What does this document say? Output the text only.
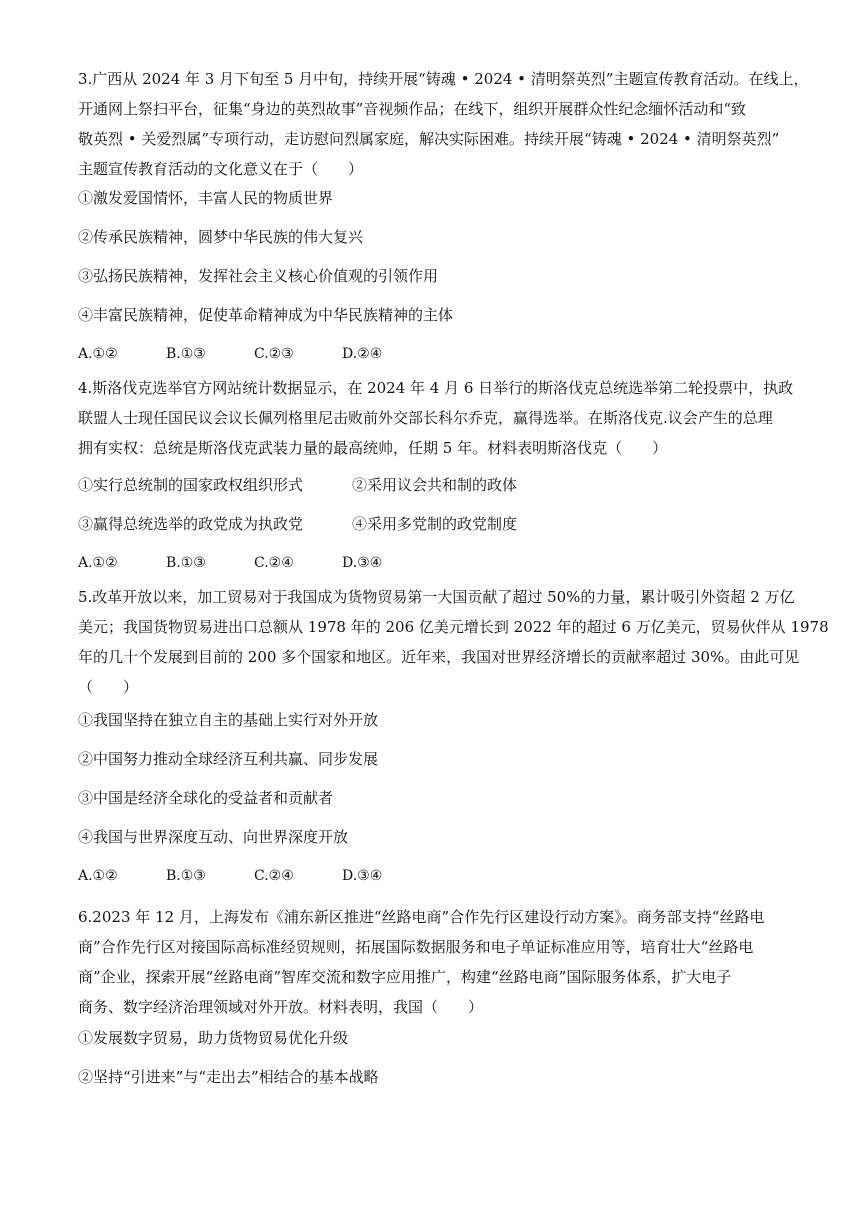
3.广西从 2024 年 3 月下旬至 5 月中旬，持续开展“铸魂 • 2024 • 清明祭英烈”主题宣传教育活动。在线上，
开通网上祭扫平台，征集“身边的英烈故事”音视频作品；在线下，组织开展群众性纪念缅怀活动和“致
敬英烈 • 关爱烈属”专项行动，走访慰问烈属家庭，解决实际困难。持续开展“铸魂 • 2024 • 清明祭英烈”
主题宣传教育活动的文化意义在于（　　）
①激发爱国情怀，丰富人民的物质世界
②传承民族精神，圆梦中华民族的伟大复兴
③弘扬民族精神，发挥社会主义核心价值观的引领作用
④丰富民族精神，促使革命精神成为中华民族精神的主体
A.①②	B.①③	C.②③	D.②④
4.斯洛伐克选举官方网站统计数据显示，在 2024 年 4 月 6 日举行的斯洛伐克总统选举第二轮投票中，执政
联盟人士现任国民议会议长佩列格里尼击败前外交部长科尔乔克，赢得选举。在斯洛伐克.议会产生的总理
拥有实权：总统是斯洛伐克武装力量的最高统帅，任期 5 年。材料表明斯洛伐克（　　）
①实行总统制的国家政权组织形式	②采用议会共和制的政体
③赢得总统选举的政党成为执政党	④采用多党制的政党制度
A.①②	B.①③	C.②④	D.③④
5.改革开放以来，加工贸易对于我国成为货物贸易第一大国贡献了超过 50%的力量，累计吸引外资超 2 万亿
美元；我国货物贸易进出口总额从 1978 年的 206 亿美元增长到 2022 年的超过 6 万亿美元，贸易伙伴从 1978
年的几十个发展到目前的 200 多个国家和地区。近年来，我国对世界经济增长的贡献率超过 30%。由此可见
（　　）
①我国坚持在独立自主的基础上实行对外开放
②中国努力推动全球经济互利共赢、同步发展
③中国是经济全球化的受益者和贡献者
④我国与世界深度互动、向世界深度开放
A.①②	B.①③	C.②④	D.③④
6.2023 年 12 月，上海发布《浦东新区推进“丝路电商”合作先行区建设行动方案》。商务部支持“丝路电
商”合作先行区对接国际高标准经贸规则，拓展国际数据服务和电子单证标准应用等，培育壮大“丝路电
商”企业，探索开展“丝路电商”智库交流和数字应用推广，构建“丝路电商”国际服务体系，扩大电子
商务、数字经济治理领域对外开放。材料表明，我国（　　）
①发展数字贸易，助力货物贸易优化升级
②坚持“引进来”与“走出去”相结合的基本战略
